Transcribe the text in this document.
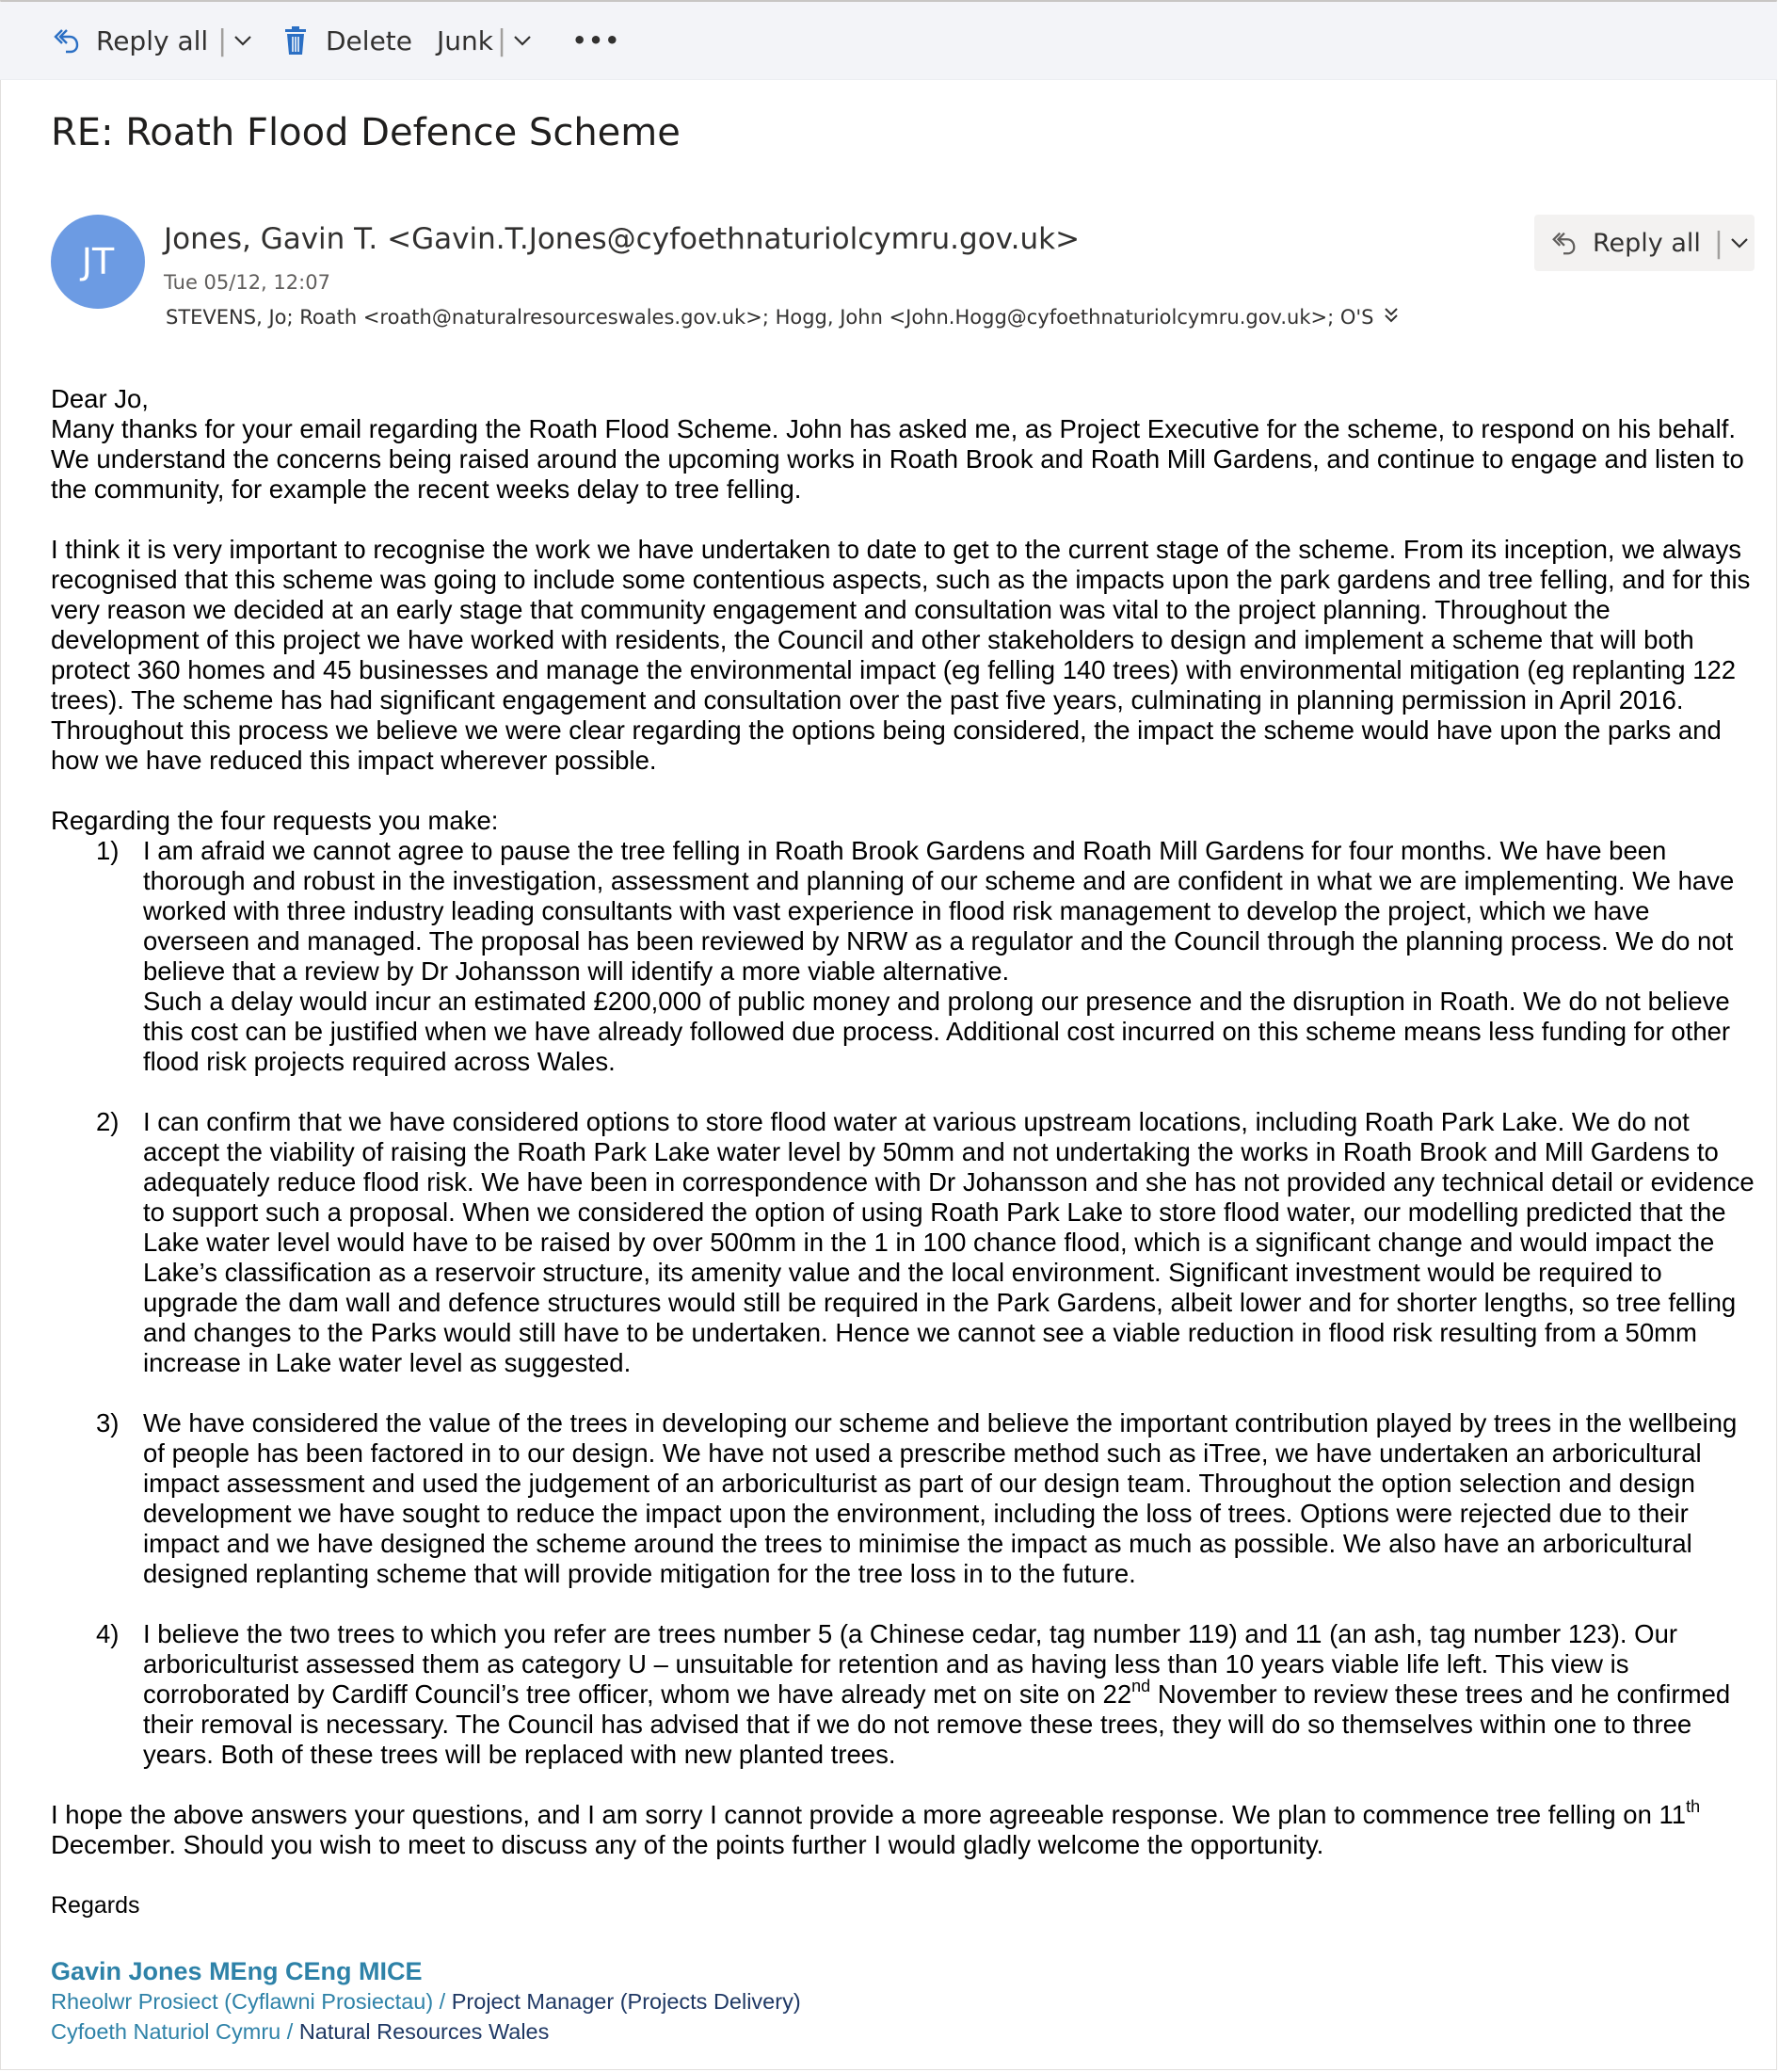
Reply all |	Delete Junk |	•••
RE: Roath Flood Defence Scheme
JT
Jones, Gavin T. <Gavin.T.Jones@cyfoethnaturiolcymru.gov.uk>
Tue 05/12, 12:07
STEVENS, Jo; Roath <roath@naturalresourceswales.gov.uk>; Hogg, John <John.Hogg@cyfoethnaturiolcymru.gov.uk>; O'S
Reply all |

Dear Jo,

Many thanks for your email regarding the Roath Flood Scheme. John has asked me, as Project Executive for the scheme, to respond on his behalf. We understand the concerns being raised around the upcoming works in Roath Brook and Roath Mill Gardens, and continue to engage and listen to the community, for example the recent weeks delay to tree felling.

I think it is very important to recognise the work we have undertaken to date to get to the current stage of the scheme. From its inception, we always recognised that this scheme was going to include some contentious aspects, such as the impacts upon the park gardens and tree felling, and for this very reason we decided at an early stage that community engagement and consultation was vital to the project planning. Throughout the development of this project we have worked with residents, the Council and other stakeholders to design and implement a scheme that will both protect 360 homes and 45 businesses and manage the environmental impact (eg felling 140 trees) with environmental mitigation (eg replanting 122 trees). The scheme has had significant engagement and consultation over the past five years, culminating in planning permission in April 2016. Throughout this process we believe we were clear regarding the options being considered, the impact the scheme would have upon the parks and how we have reduced this impact wherever possible.

Regarding the four requests you make:

1) I am afraid we cannot agree to pause the tree felling in Roath Brook Gardens and Roath Mill Gardens for four months. We have been thorough and robust in the investigation, assessment and planning of our scheme and are confident in what we are implementing. We have worked with three industry leading consultants with vast experience in flood risk management to develop the project, which we have overseen and managed. The proposal has been reviewed by NRW as a regulator and the Council through the planning process. We do not believe that a review by Dr Johansson will identify a more viable alternative.

Such a delay would incur an estimated £200,000 of public money and prolong our presence and the disruption in Roath. We do not believe this cost can be justified when we have already followed due process. Additional cost incurred on this scheme means less funding for other flood risk projects required across Wales.

2) I can confirm that we have considered options to store flood water at various upstream locations, including Roath Park Lake. We do not accept the viability of raising the Roath Park Lake water level by 50mm and not undertaking the works in Roath Brook and Mill Gardens to adequately reduce flood risk. We have been in correspondence with Dr Johansson and she has not provided any technical detail or evidence to support such a proposal. When we considered the option of using Roath Park Lake to store flood water, our modelling predicted that the Lake water level would have to be raised by over 500mm in the 1 in 100 chance flood, which is a significant change and would impact the Lake’s classification as a reservoir structure, its amenity value and the local environment. Significant investment would be required to upgrade the dam wall and defence structures would still be required in the Park Gardens, albeit lower and for shorter lengths, so tree felling and changes to the Parks would still have to be undertaken. Hence we cannot see a viable reduction in flood risk resulting from a 50mm increase in Lake water level as suggested.

3) We have considered the value of the trees in developing our scheme and believe the important contribution played by trees in the wellbeing of people has been factored in to our design. We have not used a prescribe method such as iTree, we have undertaken an arboricultural impact assessment and used the judgement of an arboriculturist as part of our design team. Throughout the option selection and design development we have sought to reduce the impact upon the environment, including the loss of trees. Options were rejected due to their impact and we have designed the scheme around the trees to minimise the impact as much as possible. We also have an arboricultural designed replanting scheme that will provide mitigation for the tree loss in to the future.

4) I believe the two trees to which you refer are trees number 5 (a Chinese cedar, tag number 119) and 11 (an ash, tag number 123). Our arboriculturist assessed them as category U – unsuitable for retention and as having less than 10 years viable life left. This view is corroborated by Cardiff Council’s tree officer, whom we have already met on site on 22nd November to review these trees and he confirmed their removal is necessary. The Council has advised that if we do not remove these trees, they will do so themselves within one to three years. Both of these trees will be replaced with new planted trees.

I hope the above answers your questions, and I am sorry I cannot provide a more agreeable response. We plan to commence tree felling on 11th December. Should you wish to meet to discuss any of the points further I would gladly welcome the opportunity.

Regards

Gavin Jones MEng CEng MICE

Rheolwr Prosiect (Cyflawni Prosiectau) / Project Manager (Projects Delivery)

Cyfoeth Naturiol Cymru / Natural Resources Wales
